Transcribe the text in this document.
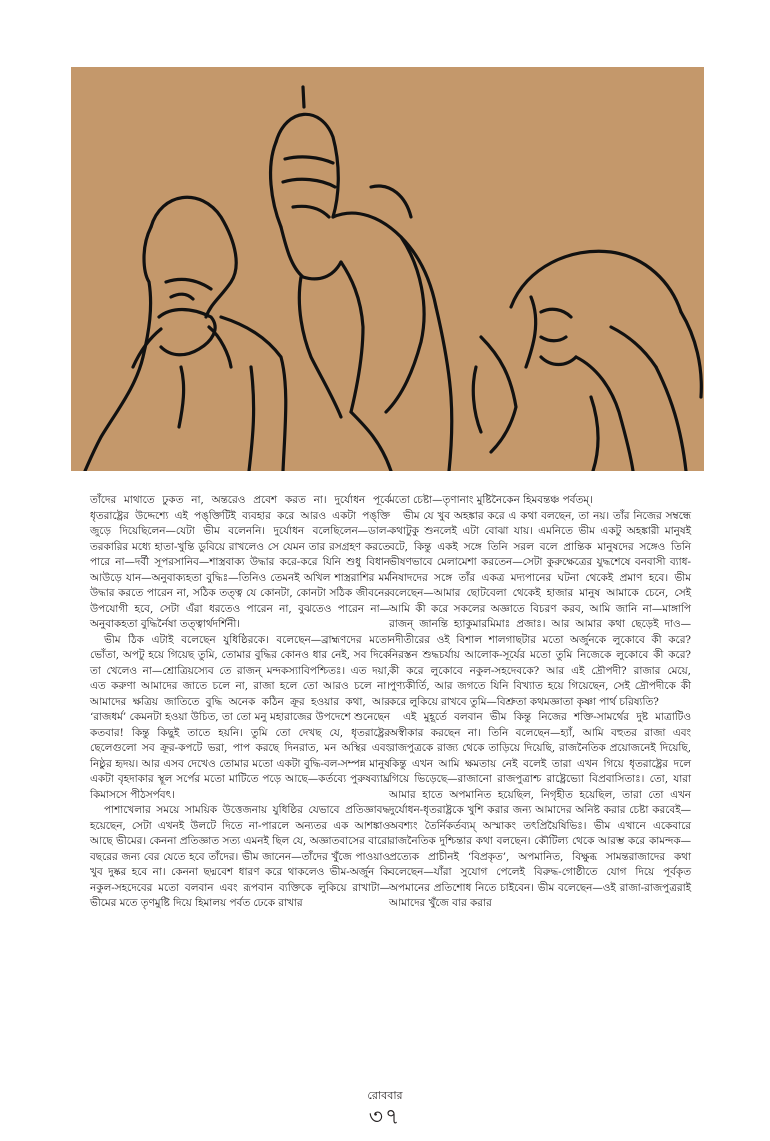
তাঁদের মাথাতে ঢুকত না, অন্তরেও প্রবেশ করত না। দুর্যোধন পূর্বে ধৃতরাষ্ট্রের উদ্দেশ্যে এই পঙ্‌ক্তিটিই ব্যবহার করে আরও একটা পঙ্‌ক্তি জুড়ে দিয়েছিলেন—যেটা ভীম বলেননি। দুর্যোধন বলেছিলেন—ডাল-তরকারির মধ্যে হাতা-খুন্তি ডুবিয়ে রাখলেও সে যেমন তার রসগ্রহণ করতে পারে না—দর্বী সূপরসানিব—শাস্ত্রবাক্য উদ্ধার করে-করে যিনি শুধু বিধান আউড়ে যান—অনুবাক্যহতা বুদ্ধিঃ—তিনিও তেমনই অখিল শাস্ত্ররাশির মর্ম উদ্ধার করতে পারেন না, সঠিক তত্ত্ব যে কোনটা, কোনটা সঠিক জীবনের উপযোগী হবে, সেটা এঁরা ধরতেও পারেন না, বুঝতেও পারেন না—অনুবাকহতা বুদ্ধির্নৈষা তত্ত্বার্থদর্শিনী।

ভীম ঠিক এটাই বলেছেন যুধিষ্ঠিরকে। বলেছেন—ব্রাহ্মণদের মতো ভোঁতা, অপটু হয়ে গিয়েছ তুমি, তোমার বুদ্ধির কোনও ধার নেই, সব দিকে তা খেলেও না—শ্রোত্রিয়স্যেব তে রাজন্‌ মন্দকস্যাবিপশ্চিতঃ। এত দয়া, এত করুণা আমাদের জাতে চলে না, রাজা হলে তো আরও চলে না। আমাদের ক্ষত্রিয় জাতিতে বুদ্ধি অনেক কঠিন ক্রূর হওয়ার কথা, আর ‘রাজধর্ম’ কেমনটা হওয়া উচিত, তা তো মনু মহারাজের উপদেশে শুনেছেন কতবার! কিন্তু কিছুই তাতে হয়নি। তুমি তো দেখছ যে, ধৃতরাষ্ট্রের ছেলেগুলো সব ক্রূর-কপটে ভরা, পাপ করছে দিনরাত, মন অস্থির এবং নিষ্ঠুর হৃদয়। আর এসব দেখেও তোমার মতো একটা বুদ্ধি-বল-সম্পন্ন মানুষ একটা বৃহদাকার স্থূল সর্পের মতো মাটিতে পড়ে আছে—কর্তব্যে পুরুষব্যাঘ্র কিমাসসে পীঠসর্পবৎ।

পাশাখেলার সময়ে সাময়িক উত্তেজনায় যুধিষ্ঠির যেভাবে প্রতিজ্ঞাবদ্ধ হয়েছেন, সেটা এখনই উলটে দিতে না-পারলে অন্যতর এক আশঙ্কাও আছে ভীমের। কেননা প্রতিজ্ঞাত সত্য এমনই ছিল যে, অজ্ঞাতবাসের বারো বছরের জন্য বের যেতে হবে তাঁদের। ভীম জানেন—তাঁদের খুঁজে পাওয়াও খুব দুষ্কর হবে না। কেননা ছদ্মবেশ ধারণ করে থাকলেও ভীম-অর্জুন কি নকুল-সহদেবের মতো বলবান এবং রূপবান ব্যক্তিকে লুকিয়ে রাখাটা—ভীমের মতে তৃণমুষ্টি দিয়ে হিমালয় পর্বত ঢেকে রাখার

মতো চেষ্টা—তৃণানাং মুষ্টিনৈকেন হিমবন্তঞ্চ পর্বতম্‌।

ভীম যে খুব অহঙ্কার করে এ কথা বলছেন, তা নয়। তাঁর নিজের সম্বন্ধে কথাটুকু শুনলেই এটা বোঝা যায়। এমনিতে ভীম একটু অহঙ্কারী মানুষই বটে, কিন্তু একই সঙ্গে তিনি সরল বলে প্রান্তিক মানুষদের সঙ্গেও তিনি ভীষণভাবে মেলামেশা করতেন—সেটা কুরুক্ষেত্রের যুদ্ধশেষে বনবাসী ব্যাধ-নিষাদদের সঙ্গে তাঁর একত্র মদ্যপানের ঘটনা থেকেই প্রমাণ হবে। ভীম বলেছেন—আমার ছোটবেলা থেকেই হাজার মানুষ আমাকে চেনে, সেই আমি কী করে সকলের অজ্ঞাতে বিচরণ করব, আমি জানি না—মাঙ্গাপি রাজন্‌ জানন্তি হ্যাকুমারমিমাঃ প্রজাঃ। আর আমার কথা ছেড়েই দাও—নদীতীরের ওই বিশাল শালগাছটার মতো অর্জুনকে লুকোবে কী করে? নিরস্তন শুদ্ধচর্যায় আলোক-সূর্যের মতো তুমি নিজেকে লুকোবে কী করে? কী করে লুকোবে নকুল-সহদেবকে? আর এই দ্রৌপদী? রাজার মেয়ে, পুণ্যকীর্তি, আর জগতে যিনি বিখ্যাত হয়ে গিয়েছেন, সেই দ্রৌপদীকে কী করে লুকিয়ে রাখবে তুমি—বিশ্রুতা কথমজ্ঞাতা কৃষ্ণা পার্থ চরিষ্যতি?

এই মুহূর্তে বলবান ভীম কিন্তু নিজের শক্তি-সামর্থের দুষ্ট মাত্রাটিও অস্বীকার করছেন না। তিনি বলেছেন—হ্যাঁ, আমি বহুতর রাজা এবং রাজপুত্রকে রাজ্য থেকে তাড়িয়ে দিয়েছি, রাজনৈতিক প্রয়োজনেই দিয়েছি, কিন্তু এখন আমি ক্ষমতায় নেই বলেই তারা এখন গিয়ে ধৃতরাষ্ট্রের দলে গিয়ে ভিড়েছে—রাজানো রাজপুত্রাশ্চ রাষ্ট্রেভ্যো বিপ্রবাসিতাঃ। তো, যারা আমার হাতে অপমানিত হয়েছিল, নিগৃহীত হয়েছিল, তারা তো এখন দুর্যোধন-ধৃতরাষ্ট্রকে খুশি করার জন্য আমাদের অনিষ্ট করার চেষ্টা করবেই—অবশ্যং তৈর্নিকর্তব্যম্‌ অস্মাকং তৎপ্রিয়ৈষিভিঃ। ভীম এখানে একেবারে রাজনৈতিক দুশ্চিন্তার কথা বলছেন। কৌটিল্য থেকে আরম্ভ করে কামন্দক—প্রত্যেক প্রাচীনই ‘বিপ্রকৃত’, অপমানিত, বিক্ষুব্ধ সামন্তরাজাদের কথা বলেছেন—যাঁরা সুযোগ পেলেই বিরুদ্ধ-গোষ্ঠীতে যোগ দিয়ে পূর্বকৃত অপমানের প্রতিশোধ নিতে চাইবেন। ভীম বলেছেন—ওই রাজা-রাজপুত্ররাই আমাদের খুঁজে বার করার

রোববার
৩৭
